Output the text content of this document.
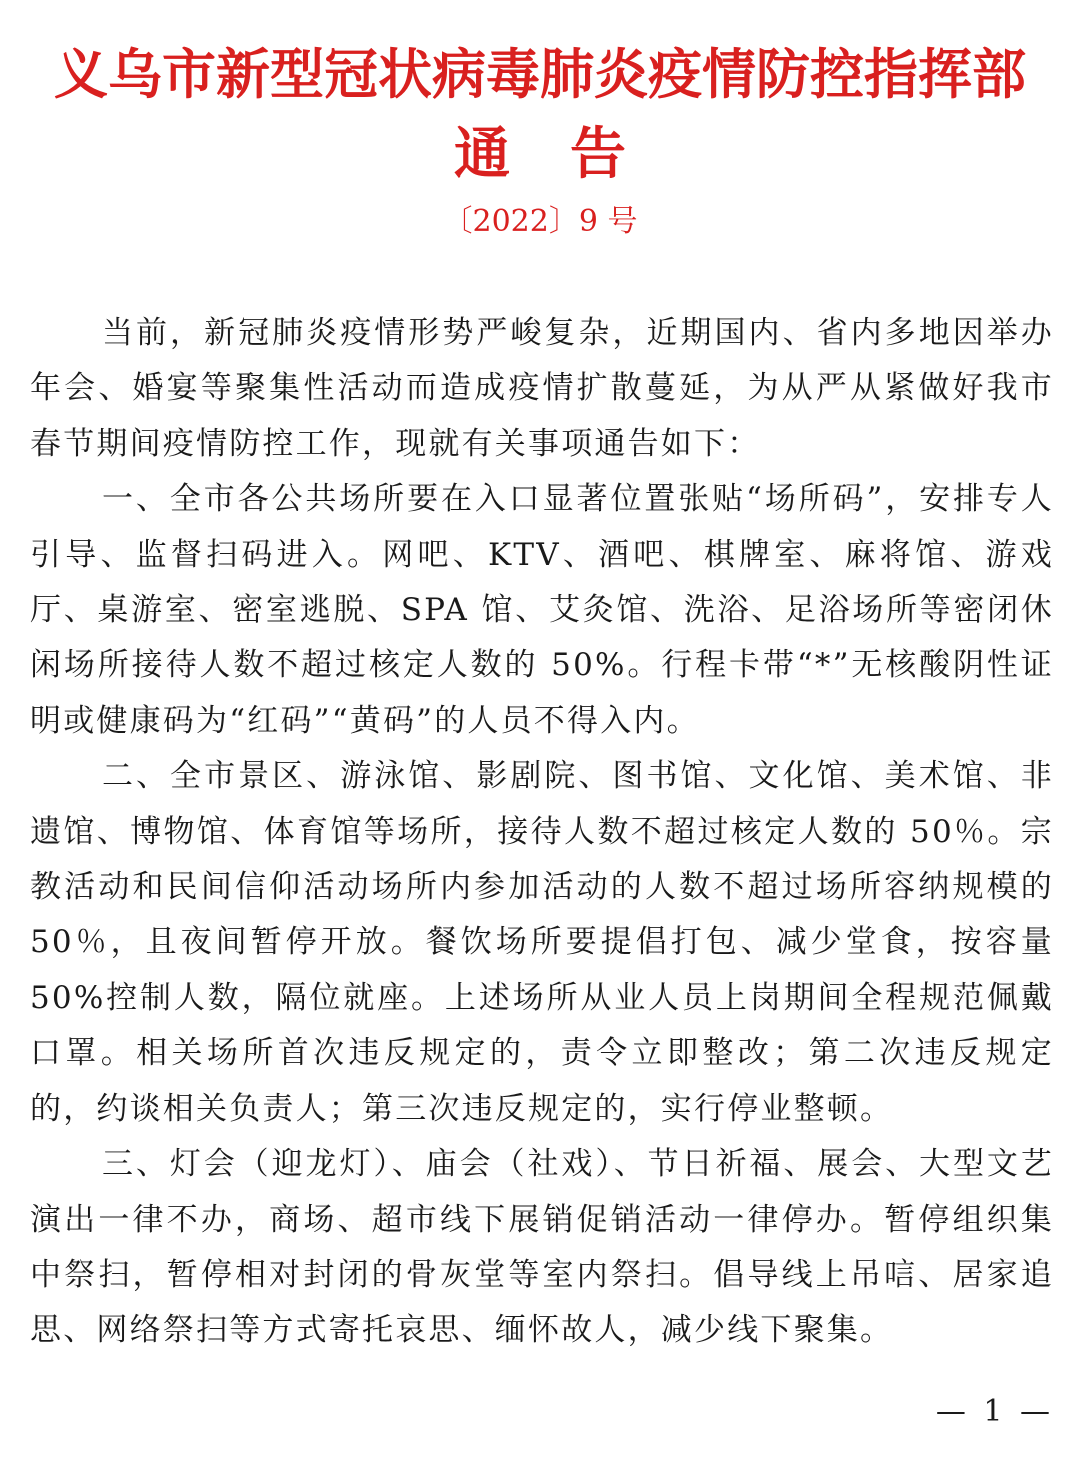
义乌市新型冠状病毒肺炎疫情防控指挥部
通告
〔2022〕9 号

当前，新冠肺炎疫情形势严峻复杂，近期国内、省内多地因举办年会、婚宴等聚集性活动而造成疫情扩散蔓延，为从严从紧做好我市春节期间疫情防控工作，现就有关事项通告如下：

一、全市各公共场所要在入口显著位置张贴“场所码”，安排专人引导、监督扫码进入。网吧、KTV、酒吧、棋牌室、麻将馆、游戏厅、桌游室、密室逃脱、SPA 馆、艾灸馆、洗浴、足浴场所等密闭休闲场所接待人数不超过核定人数的 50%。行程卡带“*”无核酸阴性证明或健康码为“红码”“黄码”的人员不得入内。

二、全市景区、游泳馆、影剧院、图书馆、文化馆、美术馆、非遗馆、博物馆、体育馆等场所，接待人数不超过核定人数的 50％。宗教活动和民间信仰活动场所内参加活动的人数不超过场所容纳规模的 50％，且夜间暂停开放。餐饮场所要提倡打包、减少堂食，按容量 50%控制人数，隔位就座。上述场所从业人员上岗期间全程规范佩戴口罩。相关场所首次违反规定的，责令立即整改；第二次违反规定的，约谈相关负责人；第三次违反规定的，实行停业整顿。

三、灯会（迎龙灯）、庙会（社戏）、节日祈福、展会、大型文艺演出一律不办，商场、超市线下展销促销活动一律停办。暂停组织集中祭扫，暂停相对封闭的骨灰堂等室内祭扫。倡导线上吊唁、居家追思、网络祭扫等方式寄托哀思、缅怀故人，减少线下聚集。

— 1 —
